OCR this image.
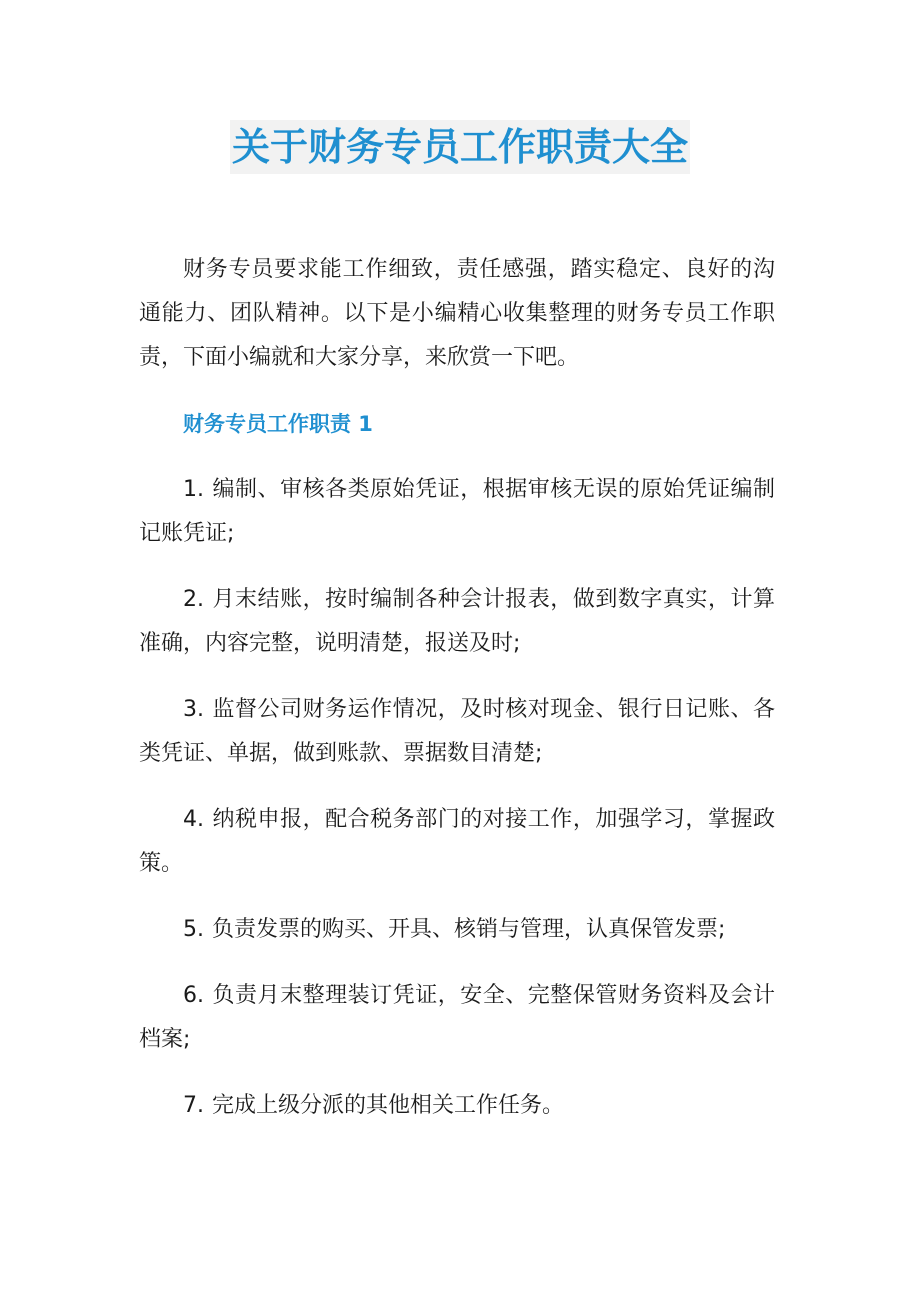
关于财务专员工作职责大全

财务专员要求能工作细致，责任感强，踏实稳定、良好的沟通能力、团队精神。以下是小编精心收集整理的财务专员工作职责，下面小编就和大家分享，来欣赏一下吧。

财务专员工作职责 1

1. 编制、审核各类原始凭证，根据审核无误的原始凭证编制记账凭证;

2. 月末结账，按时编制各种会计报表，做到数字真实，计算准确，内容完整，说明清楚，报送及时;

3. 监督公司财务运作情况，及时核对现金、银行日记账、各类凭证、单据，做到账款、票据数目清楚;

4. 纳税申报，配合税务部门的对接工作，加强学习，掌握政策。

5. 负责发票的购买、开具、核销与管理，认真保管发票;

6. 负责月末整理装订凭证，安全、完整保管财务资料及会计档案;

7. 完成上级分派的其他相关工作任务。
